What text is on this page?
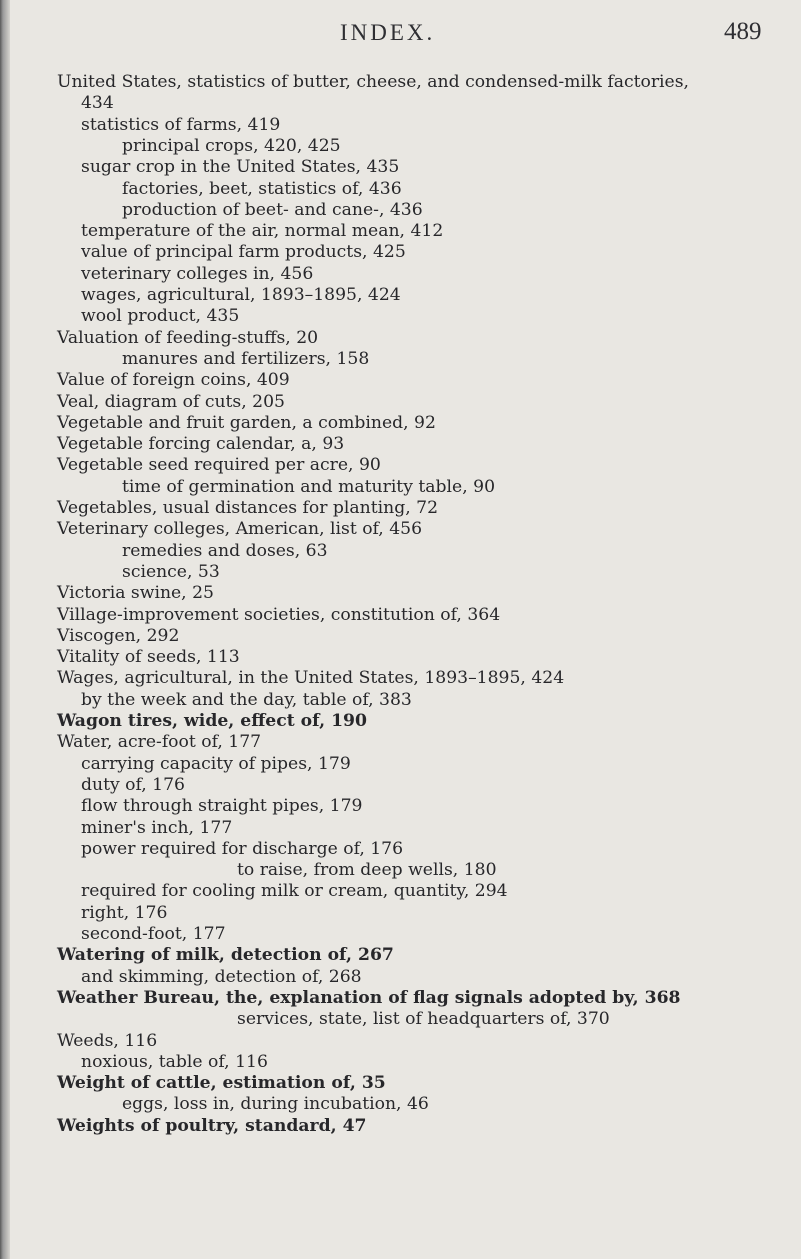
INDEX.	489
United States, statistics of butter, cheese, and condensed-milk factories,
434
statistics of farms, 419
principal crops, 420, 425
sugar crop in the United States, 435
factories, beet, statistics of, 436
production of beet- and cane-, 436
temperature of the air, normal mean, 412
value of principal farm products, 425
veterinary colleges in, 456
wages, agricultural, 1893–1895, 424
wool product, 435
Valuation of feeding-stuffs, 20
manures and fertilizers, 158
Value of foreign coins, 409
Veal, diagram of cuts, 205
Vegetable and fruit garden, a combined, 92
Vegetable forcing calendar, a, 93
Vegetable seed required per acre, 90
time of germination and maturity table, 90
Vegetables, usual distances for planting, 72
Veterinary colleges, American, list of, 456
remedies and doses, 63
science, 53
Victoria swine, 25
Village-improvement societies, constitution of, 364
Viscogen, 292
Vitality of seeds, 113
Wages, agricultural, in the United States, 1893–1895, 424
by the week and the day, table of, 383
Wagon tires, wide, effect of, 190
Water, acre-foot of, 177
carrying capacity of pipes, 179
duty of, 176
flow through straight pipes, 179
miner's inch, 177
power required for discharge of, 176
to raise, from deep wells, 180
required for cooling milk or cream, quantity, 294
right, 176
second-foot, 177
Watering of milk, detection of, 267
and skimming, detection of, 268
Weather Bureau, the, explanation of flag signals adopted by, 368
services, state, list of headquarters of, 370
Weeds, 116
noxious, table of, 116
Weight of cattle, estimation of, 35
eggs, loss in, during incubation, 46
Weights of poultry, standard, 47
